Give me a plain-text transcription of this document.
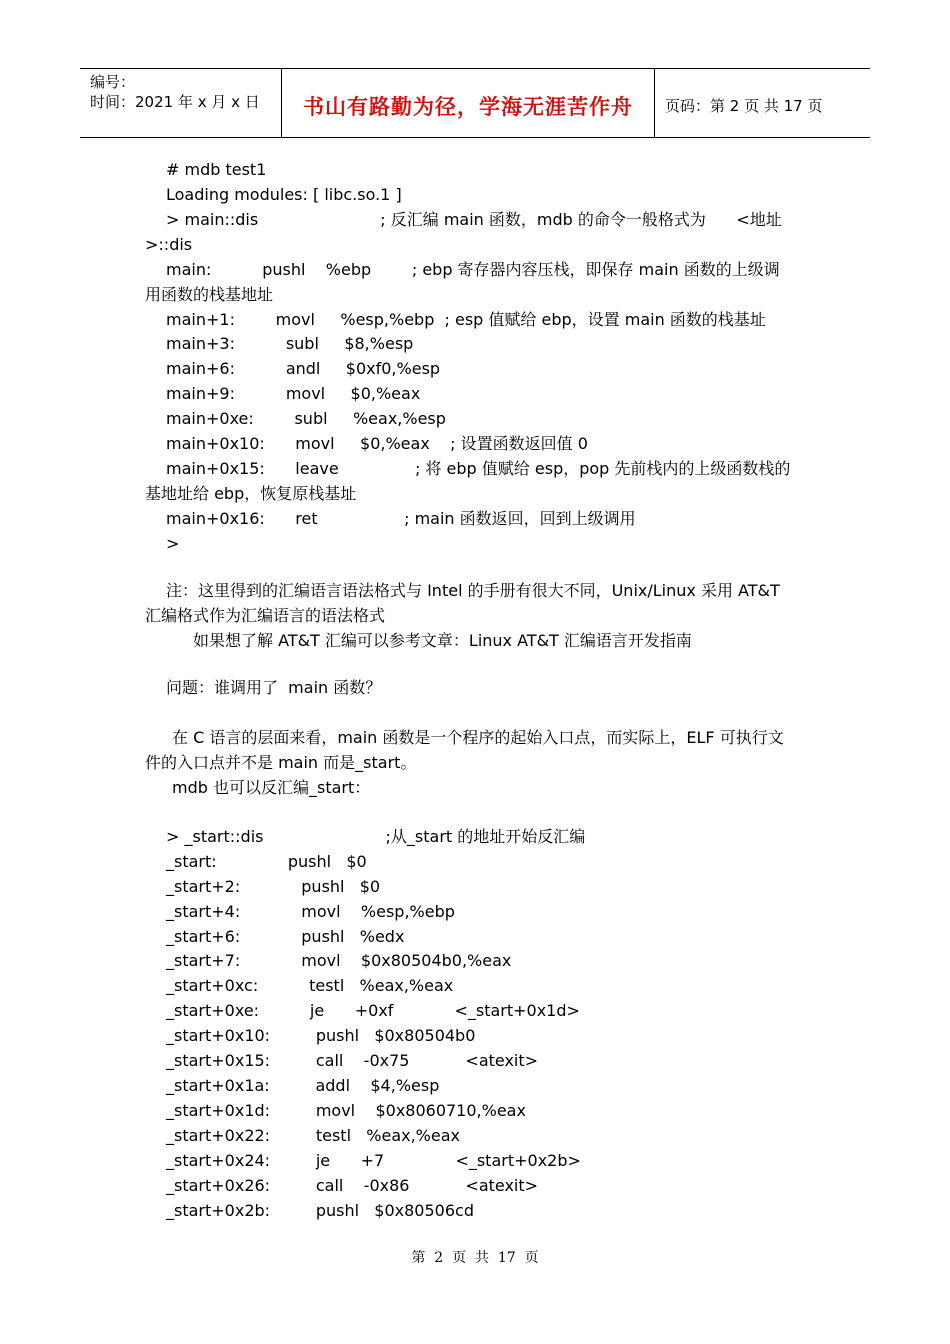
编号：
时间：2021 年 x 月 x 日	书山有路勤为径，学海无涯苦作舟	页码：第 2 页 共 17 页
# mdb test1
Loading modules: [ libc.so.1 ]
> main::dis                        ; 反汇编 main 函数，mdb 的命令一般格式为      <地址
>::dis
main:          pushl    %ebp        ; ebp 寄存器内容压栈，即保存 main 函数的上级调
用函数的栈基地址
main+1:        movl     %esp,%ebp  ; esp 值赋给 ebp，设置 main 函数的栈基址
main+3:          subl     $8,%esp
main+6:          andl     $0xf0,%esp
main+9:          movl     $0,%eax
main+0xe:        subl     %eax,%esp
main+0x10:      movl     $0,%eax    ; 设置函数返回值 0
main+0x15:      leave               ; 将 ebp 值赋给 esp，pop 先前栈内的上级函数栈的
基地址给 ebp，恢复原栈基址
main+0x16:      ret                 ; main 函数返回，回到上级调用
>
注：这里得到的汇编语言语法格式与 Intel 的手册有很大不同，Unix/Linux 采用 AT&T
汇编格式作为汇编语言的语法格式
如果想了解 AT&T 汇编可以参考文章：Linux AT&T 汇编语言开发指南
问题：谁调用了  main 函数？
在 C 语言的层面来看，main 函数是一个程序的起始入口点，而实际上，ELF 可执行文
件的入口点并不是 main 而是_start。
mdb 也可以反汇编_start：
> _start::dis                        ;从_start 的地址开始反汇编
_start:              pushl   $0
_start+2:            pushl   $0
_start+4:            movl    %esp,%ebp
_start+6:            pushl   %edx
_start+7:            movl    $0x80504b0,%eax
_start+0xc:          testl   %eax,%eax
_start+0xe:          je      +0xf            <_start+0x1d>
_start+0x10:         pushl   $0x80504b0
_start+0x15:         call    -0x75           <atexit>
_start+0x1a:         addl    $4,%esp
_start+0x1d:         movl    $0x8060710,%eax
_start+0x22:         testl   %eax,%eax
_start+0x24:         je      +7              <_start+0x2b>
_start+0x26:         call    -0x86           <atexit>
_start+0x2b:         pushl   $0x80506cd
第  2  页  共  17  页
